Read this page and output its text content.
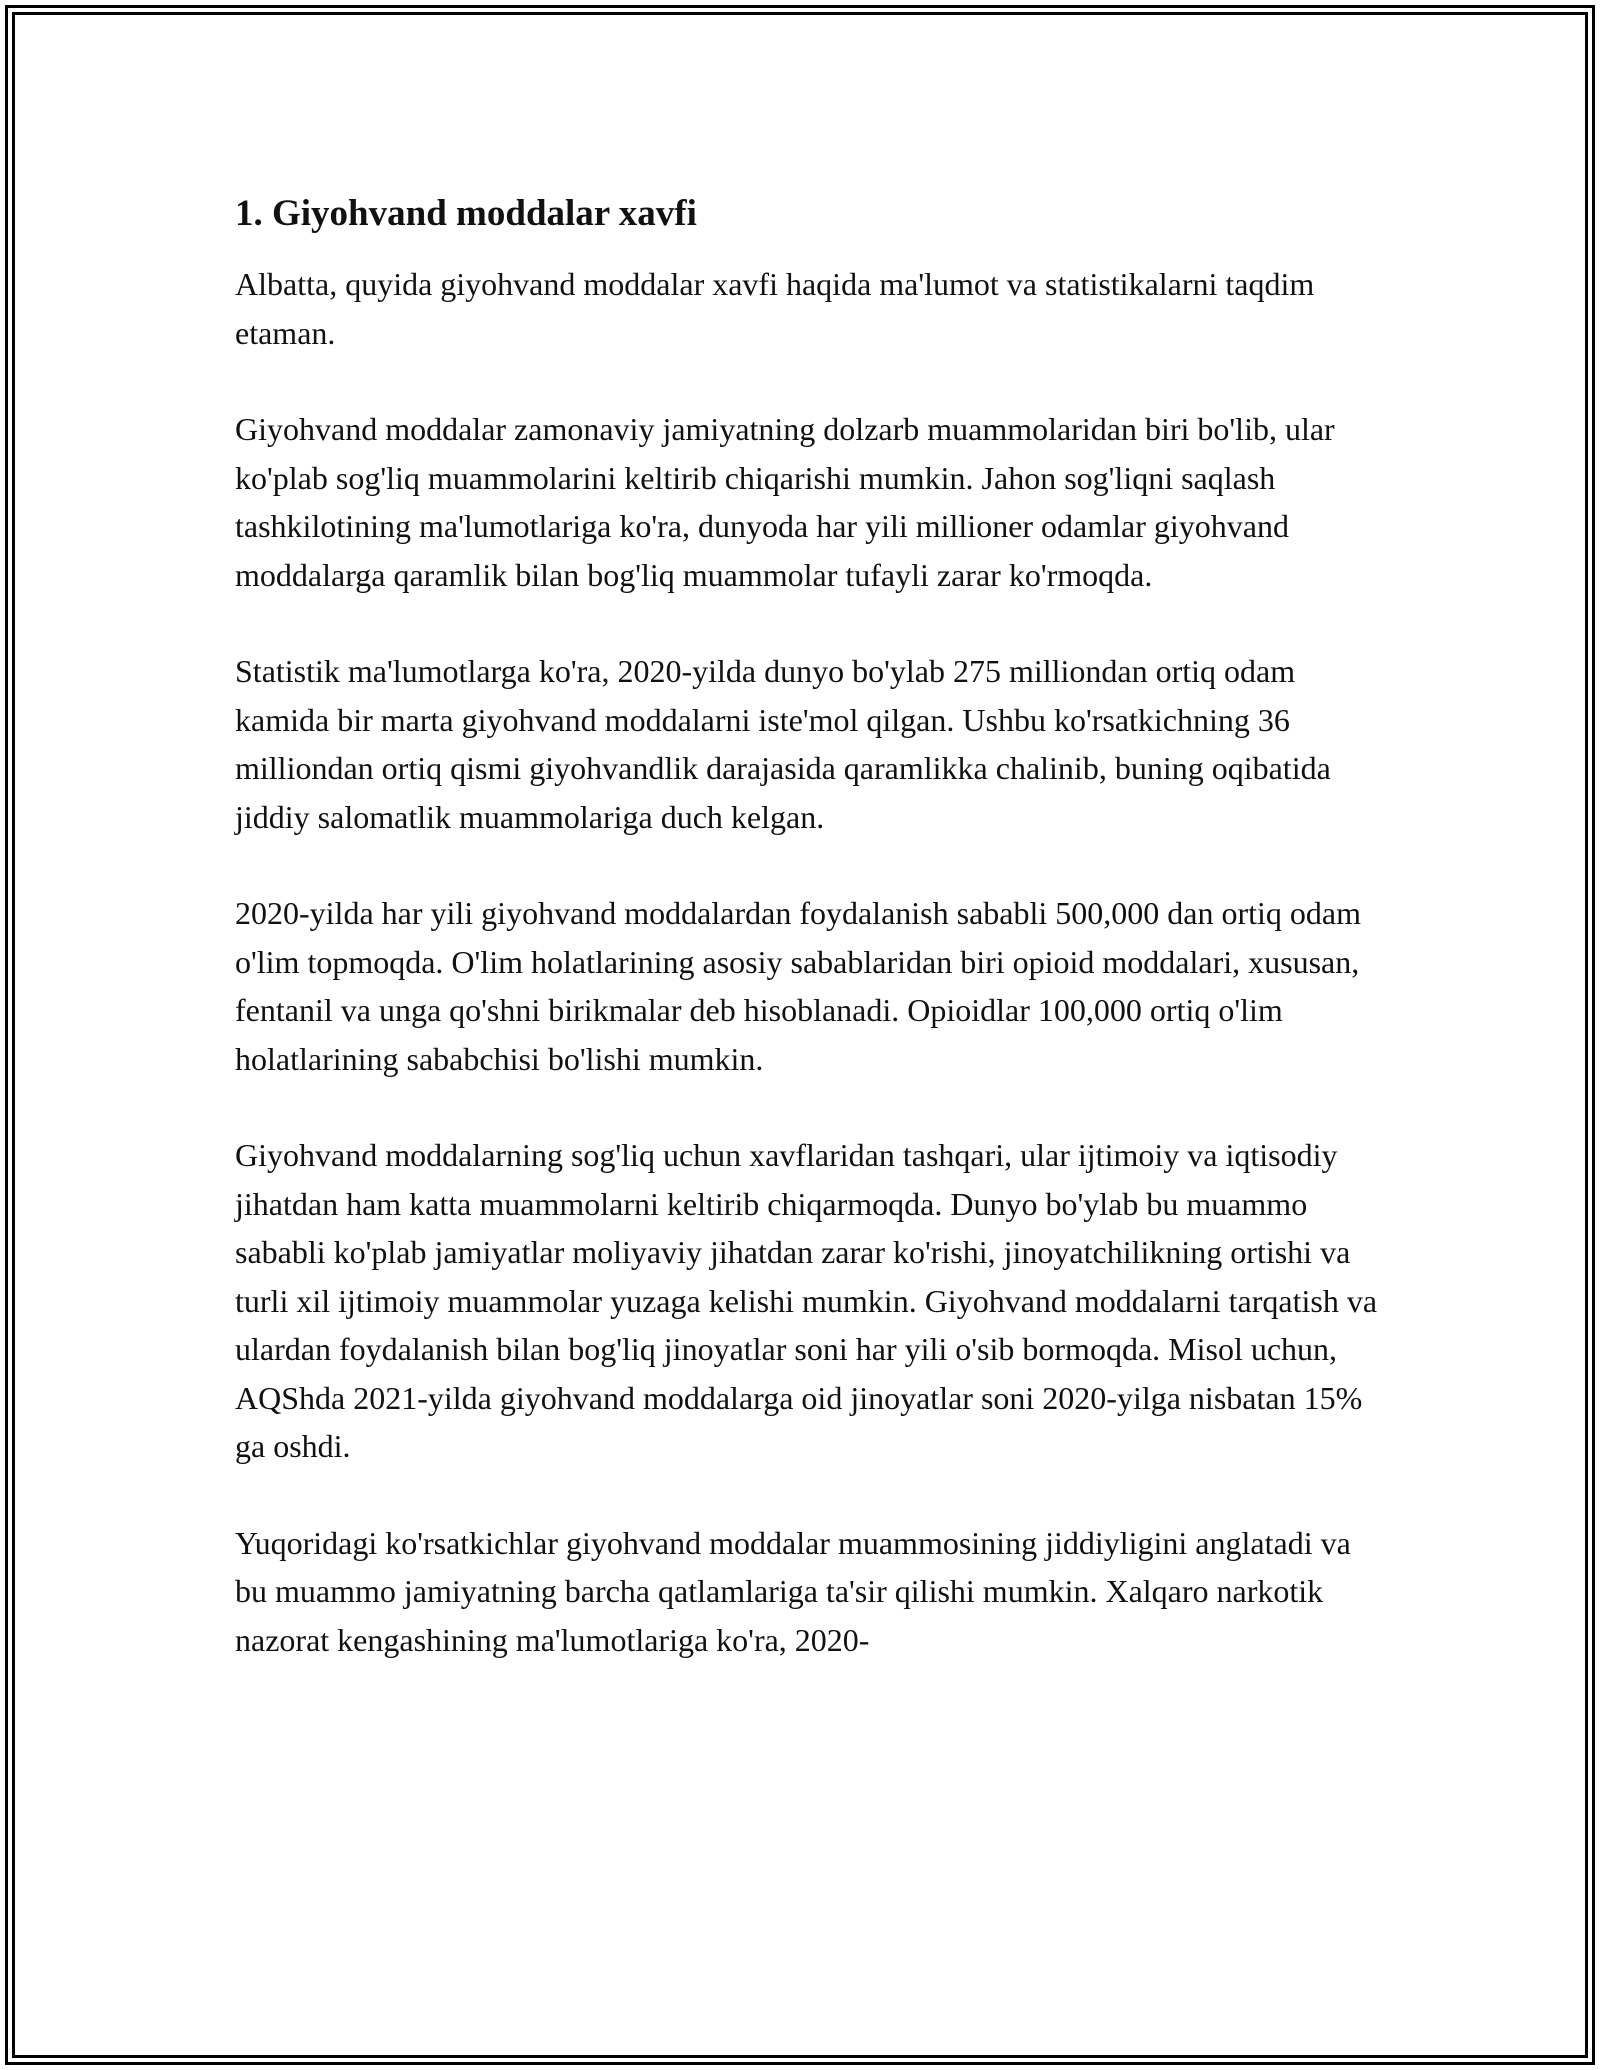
1. Giyohvand moddalar xavfi

Albatta, quyida giyohvand moddalar xavfi haqida ma'lumot va statistikalarni taqdim etaman.

Giyohvand moddalar zamonaviy jamiyatning dolzarb muammolaridan biri bo'lib, ular ko'plab sog'liq muammolarini keltirib chiqarishi mumkin. Jahon sog'liqni saqlash tashkilotining ma'lumotlariga ko'ra, dunyoda har yili millioner odamlar giyohvand moddalarga qaramlik bilan bog'liq muammolar tufayli zarar ko'rmoqda.

Statistik ma'lumotlarga ko'ra, 2020-yilda dunyo bo'ylab 275 milliondan ortiq odam kamida bir marta giyohvand moddalarni iste'mol qilgan. Ushbu ko'rsatkichning 36 milliondan ortiq qismi giyohvandlik darajasida qaramlikka chalinib, buning oqibatida jiddiy salomatlik muammolariga duch kelgan.

2020-yilda har yili giyohvand moddalardan foydalanish sababli 500,000 dan ortiq odam o'lim topmoqda. O'lim holatlarining asosiy sabablaridan biri opioid moddalari, xususan, fentanil va unga qo'shni birikmalar deb hisoblanadi. Opioidlar 100,000 ortiq o'lim holatlarining sababchisi bo'lishi mumkin.

Giyohvand moddalarning sog'liq uchun xavflaridan tashqari, ular ijtimoiy va iqtisodiy jihatdan ham katta muammolarni keltirib chiqarmoqda. Dunyo bo'ylab bu muammo sababli ko'plab jamiyatlar moliyaviy jihatdan zarar ko'rishi, jinoyatchilikning ortishi va turli xil ijtimoiy muammolar yuzaga kelishi mumkin. Giyohvand moddalarni tarqatish va ulardan foydalanish bilan bog'liq jinoyatlar soni har yili o'sib bormoqda. Misol uchun, AQShda 2021-yilda giyohvand moddalarga oid jinoyatlar soni 2020-yilga nisbatan 15% ga oshdi.

Yuqoridagi ko'rsatkichlar giyohvand moddalar muammosining jiddiyligini anglatadi va bu muammo jamiyatning barcha qatlamlariga ta'sir qilishi mumkin. Xalqaro narkotik nazorat kengashining ma'lumotlariga ko'ra, 2020-
